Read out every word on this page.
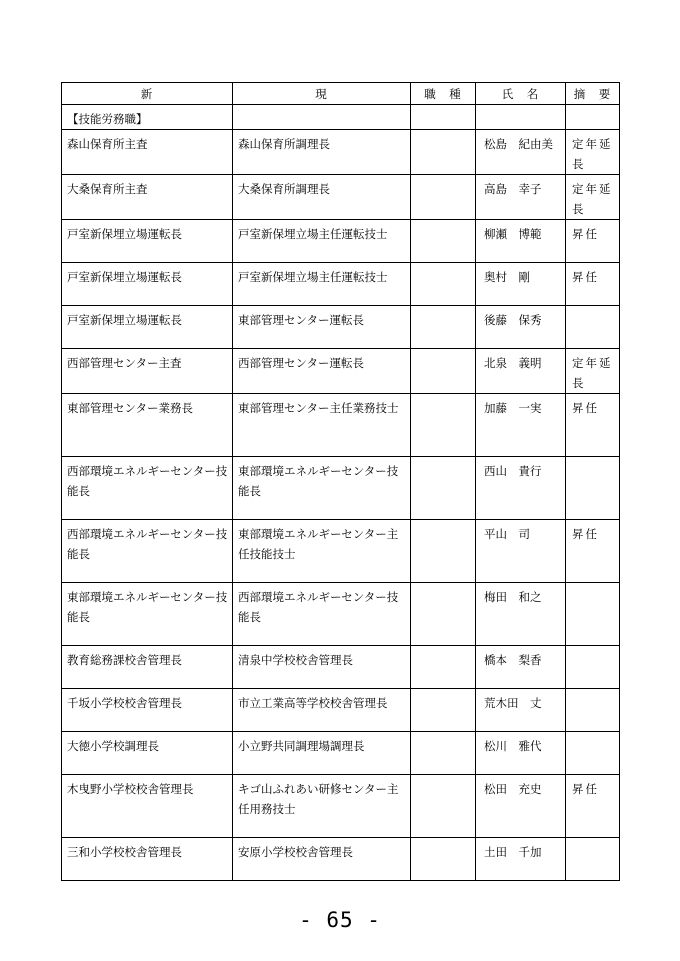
新	現	職　種	氏　名	摘　要
【技能労務職】				
森山保育所主査	森山保育所調理長		松島　紀由美	定年延長
大桑保育所主査	大桑保育所調理長		高島　幸子	定年延長
戸室新保埋立場運転長	戸室新保埋立場主任運転技士		柳瀬　博範	昇任
戸室新保埋立場運転長	戸室新保埋立場主任運転技士		奥村　剛	昇任
戸室新保埋立場運転長	東部管理センター運転長		後藤　保秀	
西部管理センター主査	西部管理センター運転長		北泉　義明	定年延長
東部管理センター業務長	東部管理センター主任業務技士		加藤　一実	昇任
西部環境エネルギーセンター技能長	東部環境エネルギーセンター技能長		西山　貴行	
西部環境エネルギーセンター技能長	東部環境エネルギーセンター主任技能技士		平山　司	昇任
東部環境エネルギーセンター技能長	西部環境エネルギーセンター技能長		梅田　和之	
教育総務課校舎管理長	清泉中学校校舎管理長		橋本　梨香	
千坂小学校校舎管理長	市立工業高等学校校舎管理長		荒木田　丈	
大徳小学校調理長	小立野共同調理場調理長		松川　雅代	
木曳野小学校校舎管理長	キゴ山ふれあい研修センター主任用務技士		松田　充史	昇任
三和小学校校舎管理長	安原小学校校舎管理長		土田　千加	
- 65 -
